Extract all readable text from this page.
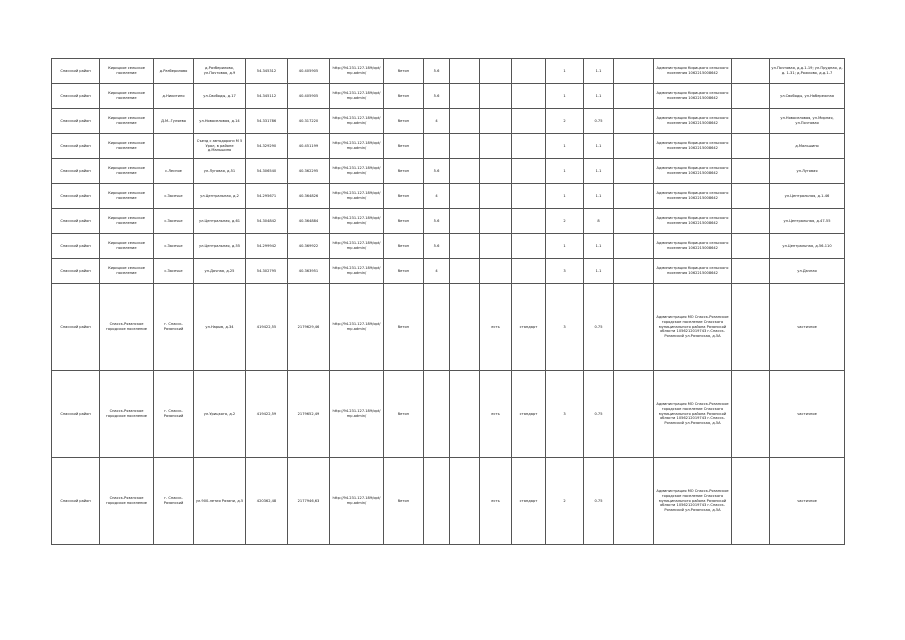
Спасский район	Кирицкое сельское поселение	д.Разберилово	д.Разберилово, ул.Почтовая, д.9	54.345312	40.405905	http://94.231.127.189/opt/mp.admin/	бетон	5.6				1	1.1		Администрация Кирицкого сельского поселения 1062215008642		ул.Почтовая, д.д.1-19; ул.Прудная, д. д. 1-31; д.Рожково, д.д.1-7
Спасский район	Кирицкое сельское поселение	д.Никитино	ул.Свободы, д.17	54.345112	40.405905	http://94.231.127.189/opt/mp.admin/	бетон	5.6				1	1.1		Администрация Кирицкого сельского поселения 1062215008642		ул.Свободы, ул.Набережная
Спасский район	Кирицкое сельское поселение	Д.М.-Гуляево	ул.Новоселовая, д.14	54.331786	40.317220	http://94.231.127.189/opt/mp.admin/	бетон	4				2	0.75		Администрация Кирицкого сельского поселения 1062215008642		ул.Новоселовая, ул.Мирная, ул.Почтовая
Спасский район	Кирицкое сельское поселение		Съезд с автодороги М 5 Урал, в районе д.Мальшино	54.329290	40.451199	http://94.231.127.189/opt/mp.admin/	бетон					1	1.1		Администрация Кирицкого сельского поселения 1062215008642		д.Мальшино
Спасский район	Кирицкое сельское поселение	с.Лесное	ул.Луговая, д.51	54.306540	40.362295	http://94.231.127.189/opt/mp.admin/	бетон	5.6				1	1.1		Администрация Кирицкого сельского поселения 1062215008642		ул.Луговая
Спасский район	Кирицкое сельское поселение	с.Засечье	ул.Центральная, д.2	54.295671	40.364826	http://94.231.127.189/opt/mp.admin/	бетон	4				1	1.1		Администрация Кирицкого сельского поселения 1062215008642		ул.Центральная, д.1-46
Спасский район	Кирицкое сельское поселение	с.Засечье	ул.Центральная, д.61	54.304842	40.364884	http://94.231.127.189/opt/mp.admin/	бетон	5.6				2	8		Администрация Кирицкого сельского поселения 1062215008642		ул.Центральная, д.47-55
Спасский район	Кирицкое сельское поселение	с.Засечье	ул.Центральная, д.55	54.299942	40.369922	http://94.231.127.189/opt/mp.admin/	бетон	5.6				1	1.1		Администрация Кирицкого сельского поселения 1062215008642		ул.Центральная, д.56-110
Спасский район	Кирицкое сельское поселение	с.Засечье	ул.Дачная, д.25	54.302795	40.363951	http://94.231.127.189/opt/mp.admin/	бетон	4				3	1.1		Администрация Кирицкого сельского поселения 1062215008642		ул.Дачная
Спасский район	Спасск-Рязанское городское поселение	г. Спасск-Рязанский	ул.Нарыв, д.34	419422,55	2179629,46	http://94.231.127.189/opt/mp.admin/	бетон			есть	стандарт	3	0.75		Администрация МО Спасск-Рязанское городское поселение Спасского муниципального района Рязанской области 1056212019743 г.Спасск-Рязанский ул.Рязанская, д.5А		частичное
Спасский район	Спасск-Рязанское городское поселение	г. Спасск-Рязанский	ул.Урицкого, д.2	419422,59	2179652,49	http://94.231.127.189/opt/mp.admin/	бетон			есть	стандарт	3	0.75		Администрация МО Спасск-Рязанское городское поселение Спасского муниципального района Рязанской области 1056212019743 г.Спасск-Рязанский ул.Рязанская, д.5А		частичное
Спасский район	Спасск-Рязанское городское поселение	г. Спасск-Рязанский	ул.900-летия Рязани, д.5	420362,48	2177946,63	http://94.231.127.189/opt/mp.admin/	бетон			есть	стандарт	2	0.75		Администрация МО Спасск-Рязанское городское поселение Спасского муниципального района Рязанской области 1056212019743 г.Спасск-Рязанский ул.Рязанская, д.5А		частичное
